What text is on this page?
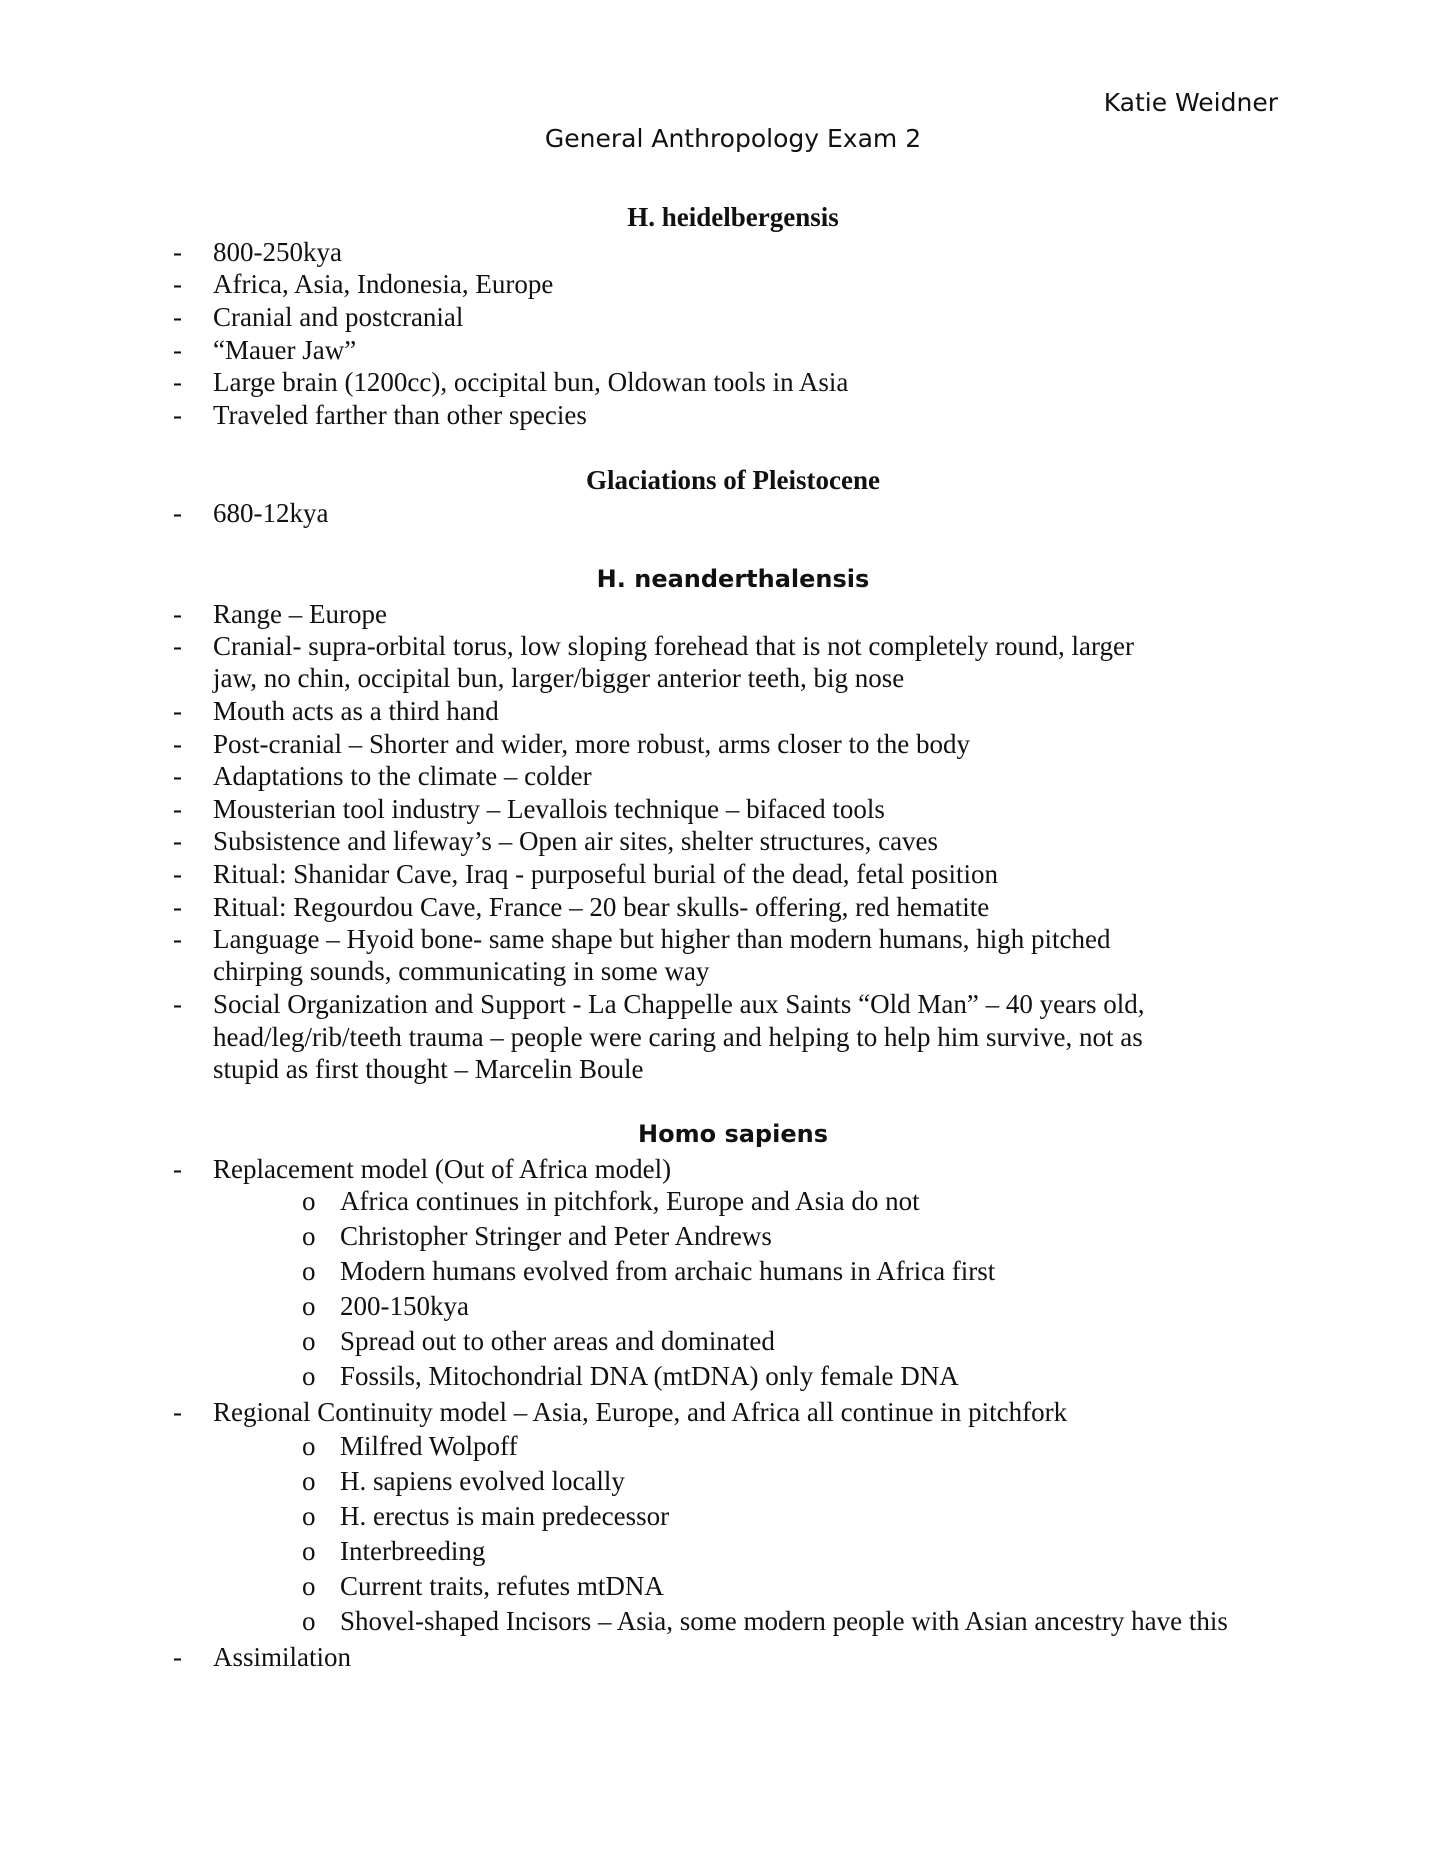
Katie Weidner
General Anthropology Exam 2
H. heidelbergensis
- 800-250kya
- Africa, Asia, Indonesia, Europe
- Cranial and postcranial
- “Mauer Jaw”
- Large brain (1200cc), occipital bun, Oldowan tools in Asia
- Traveled farther than other species
Glaciations of Pleistocene
- 680-12kya
H. neanderthalensis
- Range – Europe
- Cranial- supra-orbital torus, low sloping forehead that is not completely round, larger
jaw, no chin, occipital bun, larger/bigger anterior teeth, big nose
- Mouth acts as a third hand
- Post-cranial – Shorter and wider, more robust, arms closer to the body
- Adaptations to the climate – colder
- Mousterian tool industry – Levallois technique – bifaced tools
- Subsistence and lifeway’s – Open air sites, shelter structures, caves
- Ritual: Shanidar Cave, Iraq - purposeful burial of the dead, fetal position
- Ritual: Regourdou Cave, France – 20 bear skulls- offering, red hematite
- Language – Hyoid bone- same shape but higher than modern humans, high pitched
chirping sounds, communicating in some way
- Social Organization and Support - La Chappelle aux Saints “Old Man” – 40 years old,
head/leg/rib/teeth trauma – people were caring and helping to help him survive, not as
stupid as first thought – Marcelin Boule
Homo sapiens
- Replacement model (Out of Africa model)
o Africa continues in pitchfork, Europe and Asia do not
o Christopher Stringer and Peter Andrews
o Modern humans evolved from archaic humans in Africa first
o 200-150kya
o Spread out to other areas and dominated
o Fossils, Mitochondrial DNA (mtDNA) only female DNA
- Regional Continuity model – Asia, Europe, and Africa all continue in pitchfork
o Milfred Wolpoff
o H. sapiens evolved locally
o H. erectus is main predecessor
o Interbreeding
o Current traits, refutes mtDNA
o Shovel-shaped Incisors – Asia, some modern people with Asian ancestry have this
- Assimilation
